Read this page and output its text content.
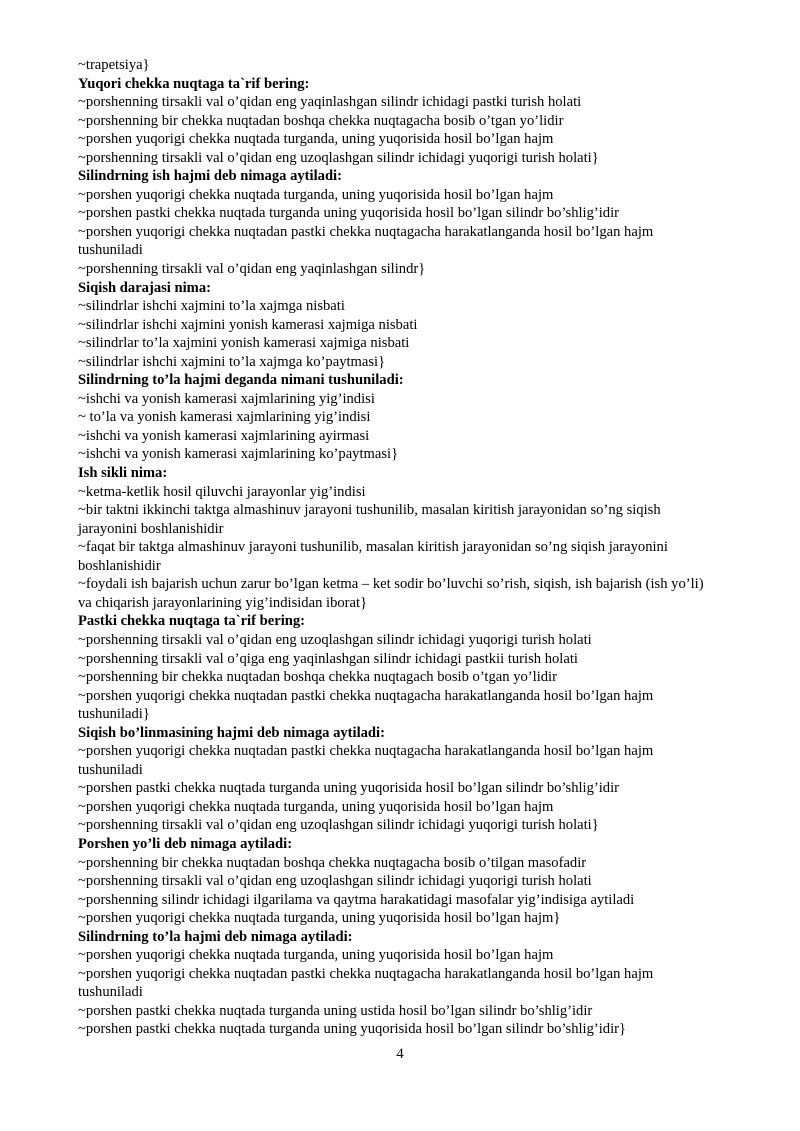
~trapetsiya}
Yuqori chekka nuqtaga ta`rif bering:
~porshenning tirsakli val o’qidan eng yaqinlashgan silindr ichidagi pastki turish holati
~porshenning bir chekka nuqtadan boshqa chekka nuqtagacha bosib o’tgan yo’lidir
~porshen yuqorigi chekka nuqtada turganda, uning yuqorisida hosil bo’lgan hajm
~porshenning tirsakli val o’qidan eng uzoqlashgan silindr ichidagi yuqorigi turish holati}
Silindrning ish hajmi deb nimaga aytiladi:
~porshen yuqorigi chekka nuqtada turganda, uning yuqorisida hosil bo’lgan hajm
~porshen pastki chekka nuqtada turganda uning yuqorisida hosil bo’lgan silindr bo’shlig’idir
~porshen yuqorigi chekka nuqtadan pastki chekka nuqtagacha harakatlanganda hosil bo’lgan hajm tushuniladi
~porshenning tirsakli val o’qidan eng yaqinlashgan silindr}
Siqish darajasi nima:
~silindrlar ishchi xajmini to’la xajmga nisbati
~silindrlar ishchi xajmini yonish kamerasi xajmiga nisbati
~silindrlar to’la xajmini yonish kamerasi xajmiga nisbati
~silindrlar ishchi xajmini to’la xajmga ko’paytmasi}
Silindrning to’la hajmi deganda nimani tushuniladi:
~ishchi va yonish kamerasi xajmlarining yig’indisi
~ to’la va yonish kamerasi xajmlarining yig’indisi
~ishchi va yonish kamerasi xajmlarining ayirmasi
~ishchi va yonish kamerasi xajmlarining ko’paytmasi}
Ish sikli nima:
~ketma-ketlik hosil qiluvchi jarayonlar yig’indisi
~bir taktni ikkinchi taktga almashinuv jarayoni tushunilib, masalan kiritish jarayonidan so’ng siqish jarayonini boshlanishidir
~faqat bir taktga almashinuv jarayoni tushunilib, masalan kiritish jarayonidan so’ng siqish jarayonini boshlanishidir
~foydali ish bajarish uchun zarur bo’lgan ketma – ket sodir bo’luvchi so’rish, siqish, ish bajarish (ish yo’li) va chiqarish jarayonlarining yig’indisidan iborat}
Pastki chekka nuqtaga ta`rif bering:
~porshenning tirsakli val o’qidan eng uzoqlashgan silindr ichidagi yuqorigi turish holati
~porshenning tirsakli val o’qiga eng yaqinlashgan silindr ichidagi pastkii turish holati
~porshenning bir chekka nuqtadan boshqa chekka nuqtagach bosib o’tgan yo’lidir
~porshen yuqorigi chekka nuqtadan pastki chekka nuqtagacha harakatlanganda hosil bo’lgan hajm tushuniladi}
Siqish bo’linmasining hajmi deb nimaga aytiladi:
~porshen yuqorigi chekka nuqtadan pastki chekka nuqtagacha harakatlanganda hosil bo’lgan hajm tushuniladi
~porshen pastki chekka nuqtada turganda uning yuqorisida hosil bo’lgan silindr bo’shlig’idir
~porshen yuqorigi chekka nuqtada turganda, uning yuqorisida hosil bo’lgan hajm
~porshenning tirsakli val o’qidan eng uzoqlashgan silindr ichidagi yuqorigi turish holati}
Porshen yo’li deb nimaga aytiladi:
~porshenning bir chekka nuqtadan boshqa chekka nuqtagacha bosib o’tilgan masofadir
~porshenning tirsakli val o’qidan eng uzoqlashgan silindr ichidagi yuqorigi turish holati
~porshenning silindr ichidagi ilgarilama va qaytma harakatidagi masofalar yig’indisiga aytiladi
~porshen yuqorigi chekka nuqtada turganda, uning yuqorisida hosil bo’lgan hajm}
Silindrning to’la hajmi deb nimaga aytiladi:
~porshen yuqorigi chekka nuqtada turganda, uning yuqorisida hosil bo’lgan hajm
~porshen yuqorigi chekka nuqtadan pastki chekka nuqtagacha harakatlanganda hosil bo’lgan hajm tushuniladi
~porshen pastki chekka nuqtada turganda uning ustida hosil bo’lgan silindr bo’shlig’idir
~porshen pastki chekka nuqtada turganda uning yuqorisida hosil bo’lgan silindr bo’shlig’idir}
4
